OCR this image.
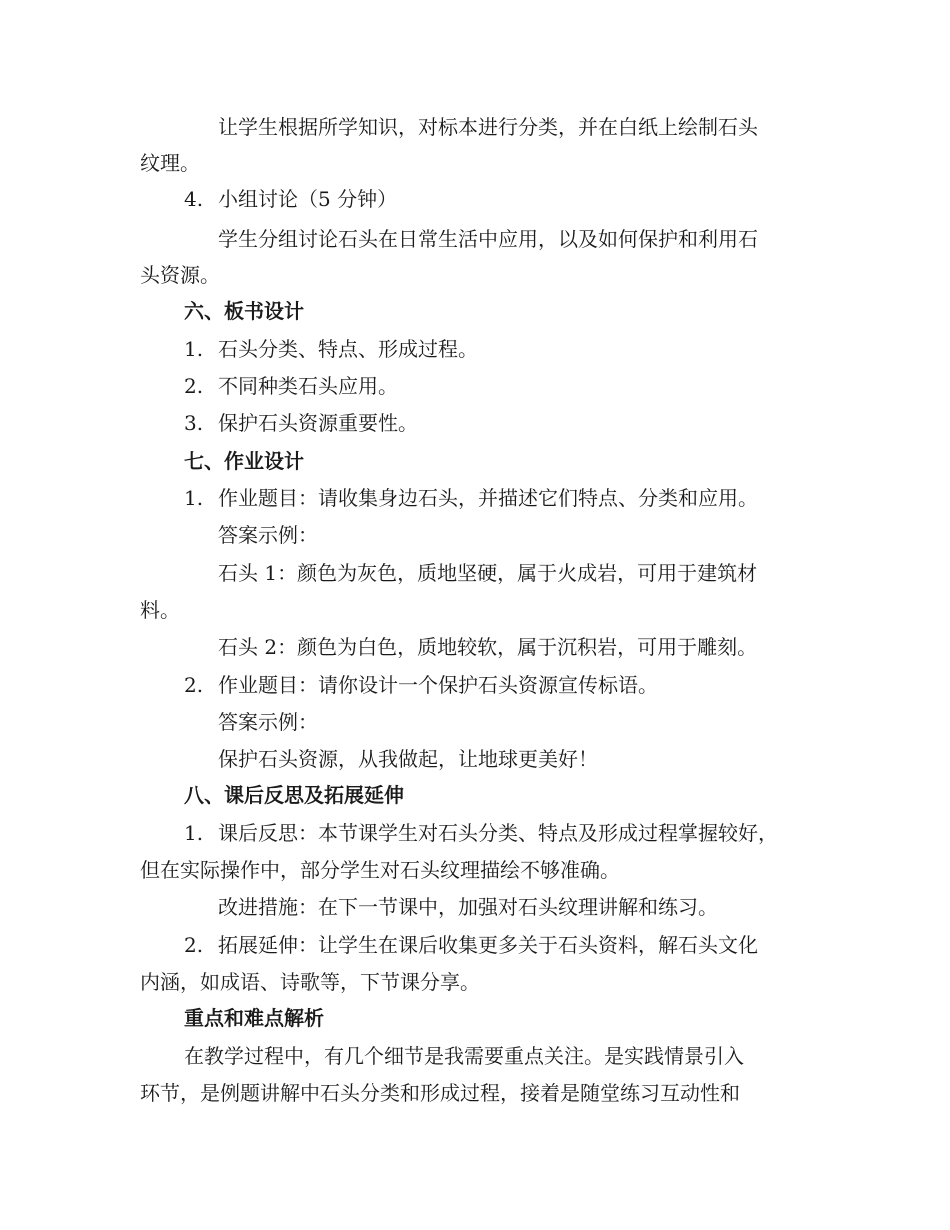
让学生根据所学知识，对标本进行分类，并在白纸上绘制石头
纹理。
4. 小组讨论（5 分钟）
学生分组讨论石头在日常生活中应用，以及如何保护和利用石
头资源。
六、板书设计
1. 石头分类、特点、形成过程。
2. 不同种类石头应用。
3. 保护石头资源重要性。
七、作业设计
1. 作业题目：请收集身边石头，并描述它们特点、分类和应用。
答案示例：
石头 1：颜色为灰色，质地坚硬，属于火成岩，可用于建筑材
料。
石头 2：颜色为白色，质地较软，属于沉积岩，可用于雕刻。
2. 作业题目：请你设计一个保护石头资源宣传标语。
答案示例：
保护石头资源，从我做起，让地球更美好！
八、课后反思及拓展延伸
1. 课后反思：本节课学生对石头分类、特点及形成过程掌握较好，
但在实际操作中，部分学生对石头纹理描绘不够准确。
改进措施：在下一节课中，加强对石头纹理讲解和练习。
2. 拓展延伸：让学生在课后收集更多关于石头资料，解石头文化
内涵，如成语、诗歌等，下节课分享。
重点和难点解析
在教学过程中，有几个细节是我需要重点关注。是实践情景引入
环节，是例题讲解中石头分类和形成过程，接着是随堂练习互动性和
